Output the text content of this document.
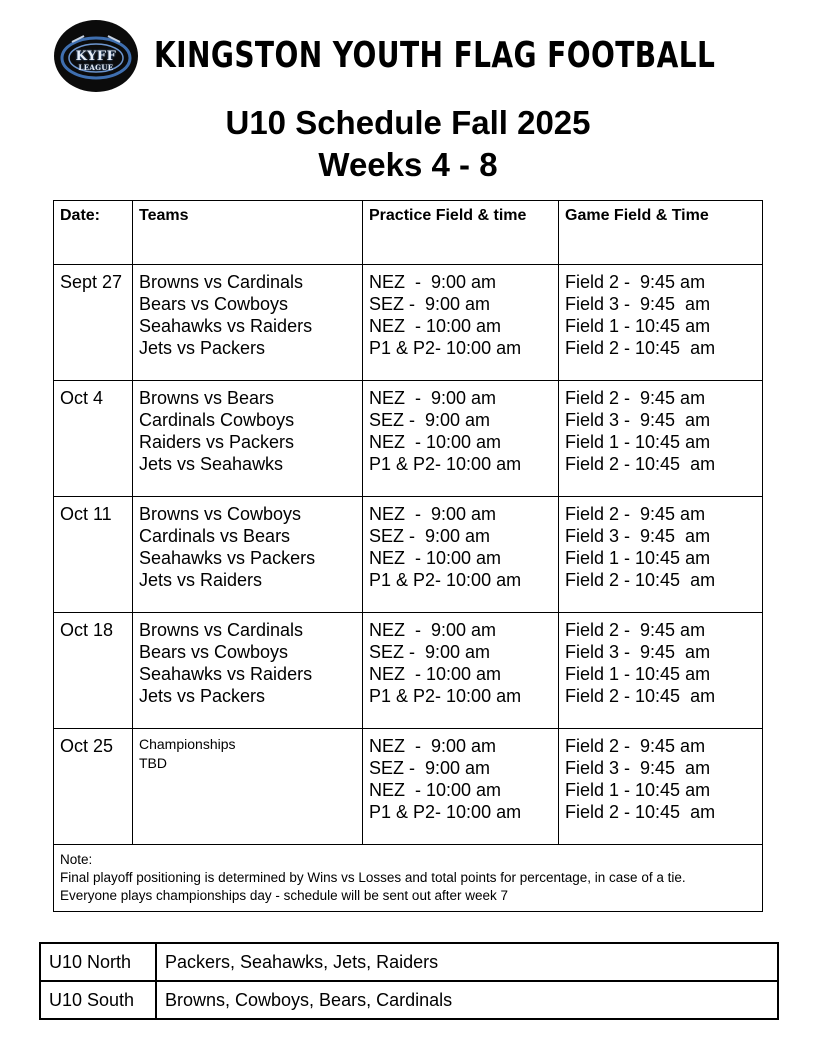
KYFF
LEAGUE	KINGSTON YOUTH FLAG FOOTBALL
U10 Schedule Fall 2025
Weeks 4 - 8
Date:	Teams	Practice Field & time	Game Field & Time
Sept 27	Browns vs Cardinals
Bears vs Cowboys
Seahawks vs Raiders
Jets vs Packers	NEZ  -  9:00 am
SEZ -  9:00 am
NEZ  - 10:00 am
P1 & P2- 10:00 am	Field 2 -  9:45 am
Field 3 -  9:45  am
Field 1 - 10:45 am
Field 2 - 10:45  am

Oct 4	Browns vs Bears
Cardinals Cowboys
Raiders vs Packers
Jets vs Seahawks	NEZ  -  9:00 am
SEZ -  9:00 am
NEZ  - 10:00 am
P1 & P2- 10:00 am	Field 2 -  9:45 am
Field 3 -  9:45  am
Field 1 - 10:45 am
Field 2 - 10:45  am

Oct 11	Browns vs Cowboys
Cardinals vs Bears
Seahawks vs Packers
Jets vs Raiders	NEZ  -  9:00 am
SEZ -  9:00 am
NEZ  - 10:00 am
P1 & P2- 10:00 am	Field 2 -  9:45 am
Field 3 -  9:45  am
Field 1 - 10:45 am
Field 2 - 10:45  am

Oct 18	Browns vs Cardinals
Bears vs Cowboys
Seahawks vs Raiders
Jets vs Packers	NEZ  -  9:00 am
SEZ -  9:00 am
NEZ  - 10:00 am
P1 & P2- 10:00 am	Field 2 -  9:45 am
Field 3 -  9:45  am
Field 1 - 10:45 am
Field 2 - 10:45  am

Oct 25	Championships
TBD	NEZ  -  9:00 am
SEZ -  9:00 am
NEZ  - 10:00 am
P1 & P2- 10:00 am	Field 2 -  9:45 am
Field 3 -  9:45  am
Field 1 - 10:45 am
Field 2 - 10:45  am

Note:
Final playoff positioning is determined by Wins vs Losses and total points for percentage, in case of a tie.
Everyone plays championships day - schedule will be sent out after week 7			
U10 North	Packers, Seahawks, Jets, Raiders
U10 South	Browns, Cowboys, Bears, Cardinals
